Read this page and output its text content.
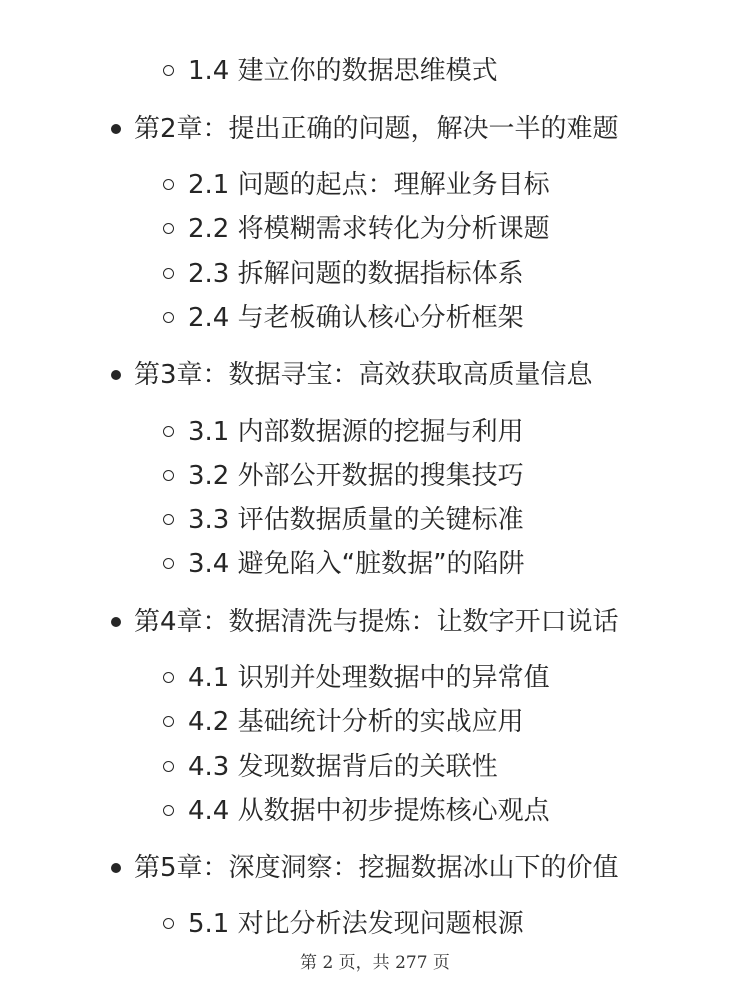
1.4 建立你的数据思维模式
第2章：提出正确的问题，解决一半的难题
2.1 问题的起点：理解业务目标
2.2 将模糊需求转化为分析课题
2.3 拆解问题的数据指标体系
2.4 与老板确认核心分析框架
第3章：数据寻宝：高效获取高质量信息
3.1 内部数据源的挖掘与利用
3.2 外部公开数据的搜集技巧
3.3 评估数据质量的关键标准
3.4 避免陷入“脏数据”的陷阱
第4章：数据清洗与提炼：让数字开口说话
4.1 识别并处理数据中的异常值
4.2 基础统计分析的实战应用
4.3 发现数据背后的关联性
4.4 从数据中初步提炼核心观点
第5章：深度洞察：挖掘数据冰山下的价值
5.1 对比分析法发现问题根源
第 2 页，共 277 页
